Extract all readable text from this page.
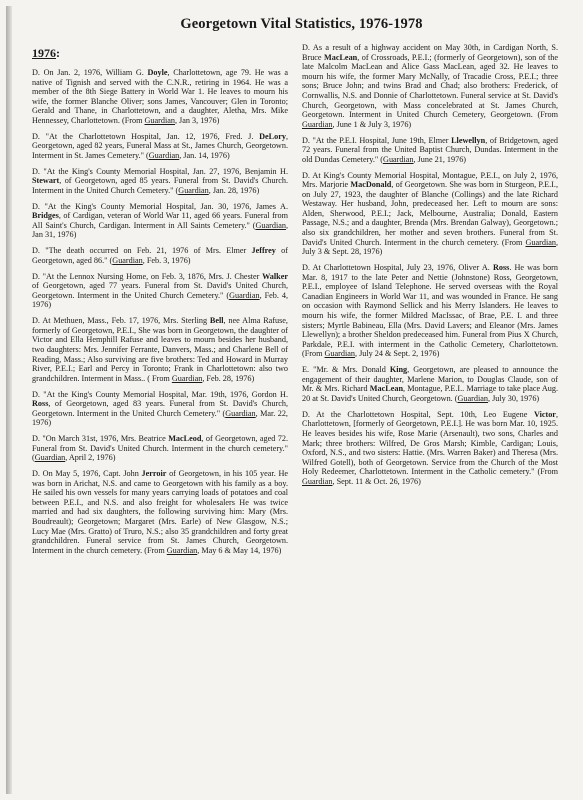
Georgetown Vital Statistics, 1976-1978
1976:

D. On Jan. 2, 1976, William G. Doyle, Charlottetown, age 79. He was a native of Tignish and served with the C.N.R., retiring in 1964. He was a member of the 8th Siege Battery in World War 1. He leaves to mourn his wife, the former Blanche Oliver; sons James, Vancouver; Glen in Toronto; Gerald and Thane, in Charlottetown, and a daughter, Aletha, Mrs. Mike Hennessey, Charlottetown. (From Guardian, Jan 3, 1976)

D. "At the Charlottetown Hospital, Jan. 12, 1976, Fred. J. DeLory, Georgetown, aged 82 years, Funeral Mass at St., James Church, Georgetown. Interment in St. James Cemetery." (Guardian, Jan. 14, 1976)

D. "At the King's County Memorial Hospital, Jan. 27, 1976, Benjamin H. Stewart, of Georgetown, aged 85 years. Funeral from St. David's Church. Interment in the United Church Cemetery." (Guardian, Jan. 28, 1976)

D. "At the King's County Memorial Hospital, Jan. 30, 1976, James A. Bridges, of Cardigan, veteran of World War 11, aged 66 years. Funeral from All Saint's Church, Cardigan. Interment in All Saints Cemetery." (Guardian, Jan 31, 1976)

D. "The death occurred on Feb. 21, 1976 of Mrs. Elmer Jeffrey of Georgetown, aged 86." (Guardian, Feb. 3, 1976)

D. "At the Lennox Nursing Home, on Feb. 3, 1876, Mrs. J. Chester Walker of Georgetown, aged 77 years. Funeral from St. David's United Church, Georgetown. Interment in the United Church Cemetery." (Guardian, Feb. 4, 1976)

D. At Methuen, Mass., Feb. 17, 1976, Mrs. Sterling Bell, nee Alma Rafuse, formerly of Georgetown, P.E.I., She was born in Georgetown, the daughter of Victor and Ella Hemphill Rafuse and leaves to mourn besides her husband, two daughters: Mrs. Jennifer Ferrante, Danvers, Mass.; and Charlene Bell of Reading, Mass.; Also surviving are five brothers: Ted and Howard in Murray River, P.E.I.; Earl and Percy in Toronto; Frank in Charlottetown: also two grandchildren. Interment in Mass.. ( From Guardian, Feb. 28, 1976)

D. "At the King's County Memorial Hospital, Mar. 19th, 1976, Gordon H. Ross, of Georgetown, aged 83 years. Funeral from St. David's Church, Georgetown. Interment in the United Church Cemetery." (Guardian, Mar. 22, 1976)

D. "On March 31st, 1976, Mrs. Beatrice MacLeod, of Georgetown, aged 72. Funeral from St. David's United Church. Interment in the church cemetery." (Guardian, April 2, 1976)

D. On May 5, 1976, Capt. John Jerroir of Georgetown, in his 105 year. He was born in Arichat, N.S. and came to Georgetown with his family as a boy. He sailed his own vessels for many years carrying loads of potatoes and coal between P.E.I., and N.S. and also freight for wholesalers He was twice married and had six daughters, the following surviving him: Mary (Mrs. Boudreault); Georgetown; Margaret (Mrs. Earle) of New Glasgow, N.S.; Lucy Mae (Mrs. Gratto) of Truro, N.S.; also 35 grandchildren and forty great grandchildren. Funeral service from St. James Church, Georgetown. Interment in the church cemetery. (From Guardian, May 6 & May 14, 1976)

D. As a result of a highway accident on May 30th, in Cardigan North, S. Bruce MacLean, of Crossroads, P.E.I.; (formerly of Georgetown), son of the late Malcolm MacLean and Alice Gass MacLean, aged 32. He leaves to mourn his wife, the former Mary McNally, of Tracadie Cross, P.E.I.; three sons; Bruce John; and twins Brad and Chad; also brothers: Frederick, of Cornwallis, N.S. and Donnie of Charlottetown. Funeral service at St. David's Church, Georgetown, with Mass concelebrated at St. James Church, Georgetown. Interment in United Church Cemetery, Georgetown. (From Guardian, June 1 & July 3, 1976)

D. "At the P.E.I. Hospital, June 19th, Elmer Llewellyn, of Bridgetown, aged 72 years. Funeral from the United Baptist Church, Dundas. Interment in the old Dundas Cemetery." (Guardian, June 21, 1976)

D. At King's County Memorial Hospital, Montague, P.E.I., on July 2, 1976, Mrs. Marjorie MacDonald, of Georgetown. She was born in Sturgeon, P.E.I., on July 27, 1923, the daughter of Blanche (Collings) and the late Richard Westaway. Her husband, John, predeceased her. Left to mourn are sons: Alden, Sherwood, P.E.I.; Jack, Melbourne, Australia; Donald, Eastern Passage, N.S.; and a daughter, Brenda (Mrs. Brendan Galway), Georgetown.; also six grandchildren, her mother and seven brothers. Funeral from St. David's United Church. Interment in the church cemetery. (From Guardian, July 3 & Sept. 28, 1976)

D. At Charlottetown Hospital, July 23, 1976, Oliver A. Ross. He was born Mar. 8, 1917 to the late Peter and Nettie (Johnstone) Ross, Georgetown, P.E.I., employee of Island Telephone. He served overseas with the Royal Canadian Engineers in World War 11, and was wounded in France. He sang on occasion with Raymond Sellick and his Merry Islanders. He leaves to mourn his wife, the former Mildred MacIssac, of Brae, P.E. I. and three sisters; Myrtle Babineau, Ella (Mrs. David Lavers; and Eleanor (Mrs. James Llewellyn); a brother Sheldon predeceased him. Funeral from Pius X Church, Parkdale, P.E.I. with interment in the Catholic Cemetery, Charlottetown. (From Guardian, July 24 & Sept. 2, 1976)

E. "Mr. & Mrs. Donald King, Georgetown, are pleased to announce the engagement of their daughter, Marlene Marion, to Douglas Claude, son of Mr. & Mrs. Richard MacLean, Montague, P.E.I.. Marriage to take place Aug. 20 at St. David's United Church, Georgetown. (Guardian, July 30, 1976)

D. At the Charlottetown Hospital, Sept. 10th, Leo Eugene Victor, Charlottetown, [formerly of Georgetown, P.E.I.]. He was born Mar. 10, 1925. He leaves besides his wife, Rose Marie (Arsenault), two sons, Charles and Mark; three brothers: Wilfred, De Gros Marsh; Kimble, Cardigan; Louis, Oxford, N.S., and two sisters: Hattie. (Mrs. Warren Baker) and Theresa (Mrs. Wilfred Gotell), both of Georgetown. Service from the Church of the Most Holy Redeemer, Charlottetown. Interment in the Catholic cemetery." (From Guardian, Sept. 11 & Oct. 26, 1976)
